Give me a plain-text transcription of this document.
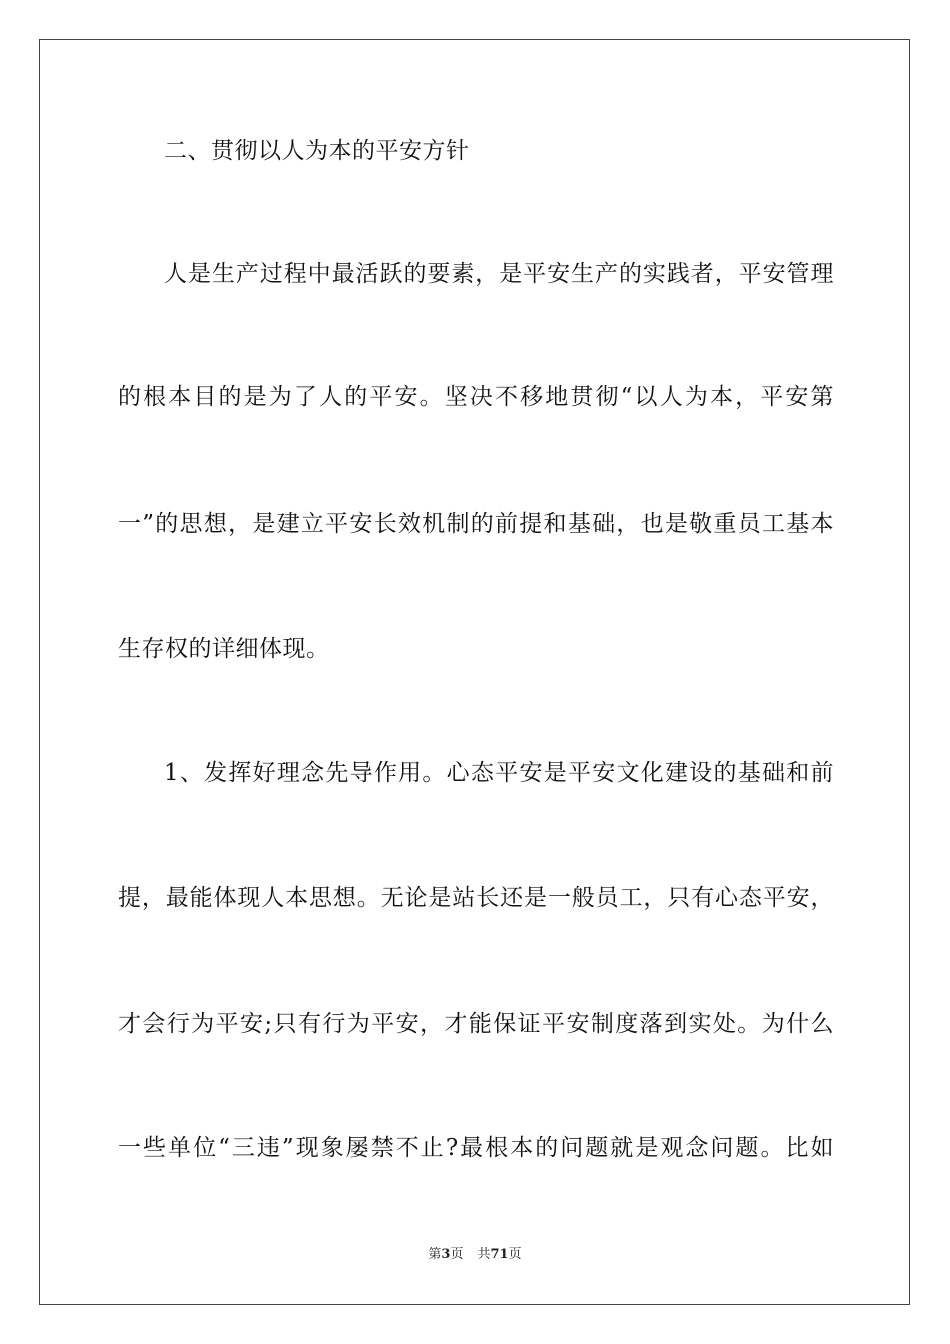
二、贯彻以人为本的平安方针
人是生产过程中最活跃的要素，是平安生产的实践者，平安管理
的根本目的是为了人的平安。坚决不移地贯彻“以人为本，平安第
一”的思想，是建立平安长效机制的前提和基础，也是敬重员工基本
生存权的详细体现。
1、发挥好理念先导作用。心态平安是平安文化建设的基础和前
提，最能体现人本思想。无论是站长还是一般员工，只有心态平安，
才会行为平安;只有行为平安，才能保证平安制度落到实处。为什么
一些单位“三违”现象屡禁不止?最根本的问题就是观念问题。比如
第3页 共71页
